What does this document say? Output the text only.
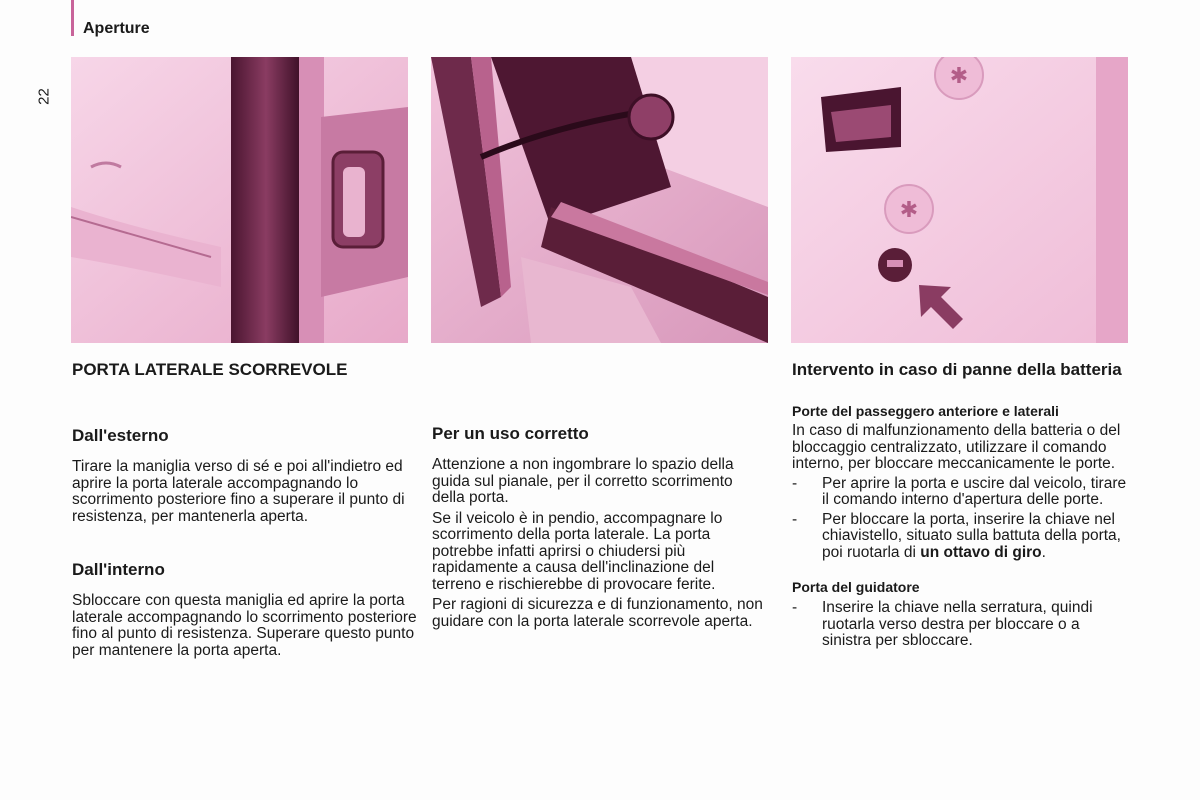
Aperture
22
✱
✱
PORTA LATERALE SCORREVOLE
Dall'esterno

Tirare la maniglia verso di sé e poi all'indietro ed aprire la porta laterale accompagnando lo scorrimento posteriore fino a superare il punto di resistenza, per mantenerla aperta.

Dall'interno

Sbloccare con questa maniglia ed aprire la porta laterale accompagnando lo scorrimento posteriore fino al punto di resistenza. Superare questo punto per mantenere la porta aperta.

Per un uso corretto

Attenzione a non ingombrare lo spazio della guida sul pianale, per il corretto scorrimento della porta.

Se il veicolo è in pendio, accompagnare lo scorrimento della porta laterale. La porta potrebbe infatti aprirsi o chiudersi più rapidamente a causa dell'inclinazione del terreno e rischierebbe di provocare ferite.

Per ragioni di sicurezza e di funzionamento, non guidare con la porta laterale scorrevole aperta.

Intervento in caso di panne della batteria
Porte del passeggero anteriore e laterali

In caso di malfunzionamento della batteria o del bloccaggio centralizzato, utilizzare il comando interno, per bloccare meccanicamente le porte.

- Per aprire la porta e uscire dal veicolo, tirare il comando interno d'apertura delle porte.
- Per bloccare la porta, inserire la chiave nel chiavistello, situato sulla battuta della porta, poi ruotarla di un ottavo di giro.
Porta del guidatore
- Inserire la chiave nella serratura, quindi ruotarla verso destra per bloccare o a sinistra per sbloccare.
